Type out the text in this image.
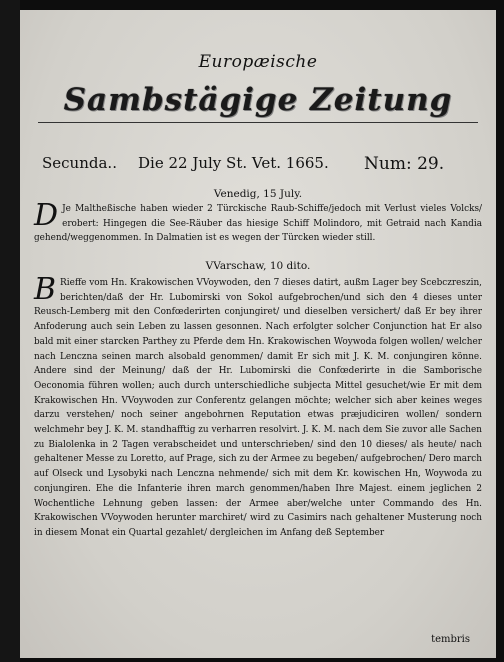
Europæische
Sambstägige Zeitung
Secunda.. Die 22 July St. Vet. 1665. Num: 29.
Venedig, 15 July.

D Je Maltheßische haben wieder 2 Türckische Raub-Schiffe/jedoch mit Verlust vieles Volcks/ erobert: Hingegen die See-Räuber das hiesige Schiff Molindoro, mit Getraid nach Kandia gehend/weggenommen. In Dalmatien ist es wegen der Türcken wieder still.

VVarschaw, 10 dito.

B Rieffe vom Hn. Krakowischen VVoywoden, den 7 dieses datirt, außm Lager bey Scebczreszin, berichten/daß der Hr. Lubomirski von Sokol aufgebrochen/und sich den 4 dieses unter Reusch-Lemberg mit den Confœderirten conjungiret/ und dieselben versichert/ daß Er bey ihrer Anfoderung auch sein Leben zu lassen gesonnen. Nach erfolgter solcher Conjunction hat Er also bald mit einer starcken Parthey zu Pferde dem Hn. Krakowischen Woywoda folgen wollen/ welcher nach Lenczna seinen march alsobald genommen/ damit Er sich mit J. K. M. conjungiren könne. Andere sind der Meinung/ daß der Hr. Lubomirski die Confœderirte in die Samborische Oeconomia führen wollen; auch durch unterschiedliche subjecta Mittel gesuchet/wie Er mit dem Krakowischen Hn. VVoywoden zur Conferentz gelangen möchte; welcher sich aber keines weges darzu verstehen/ noch seiner angebohrnen Reputation etwas præjudiciren wollen/ sondern welchmehr bey J. K. M. standhafftig zu verharren resolvirt. J. K. M. nach dem Sie zuvor alle Sachen zu Bialolenka in 2 Tagen verabscheidet und unterschrieben/ sind den 10 dieses/ als heute/ nach gehaltener Messe zu Loretto, auf Prage, sich zu der Armee zu begeben/ aufgebrochen/ Dero march auf Olseck und Lysobyki nach Lenczna nehmende/ sich mit dem Kr. kowischen Hn, Woywoda zu conjungiren. Ehe die Infanterie ihren march genommen/haben Ihre Majest. einem jeglichen 2 Wochentliche Lehnung geben lassen: der Armee aber/welche unter Commando des Hn. Krakowischen VVoywoden herunter marchiret/ wird zu Casimirs nach gehaltener Musterung noch in diesem Monat ein Quartal gezahlet/ dergleichen im Anfang deß September

tembris
